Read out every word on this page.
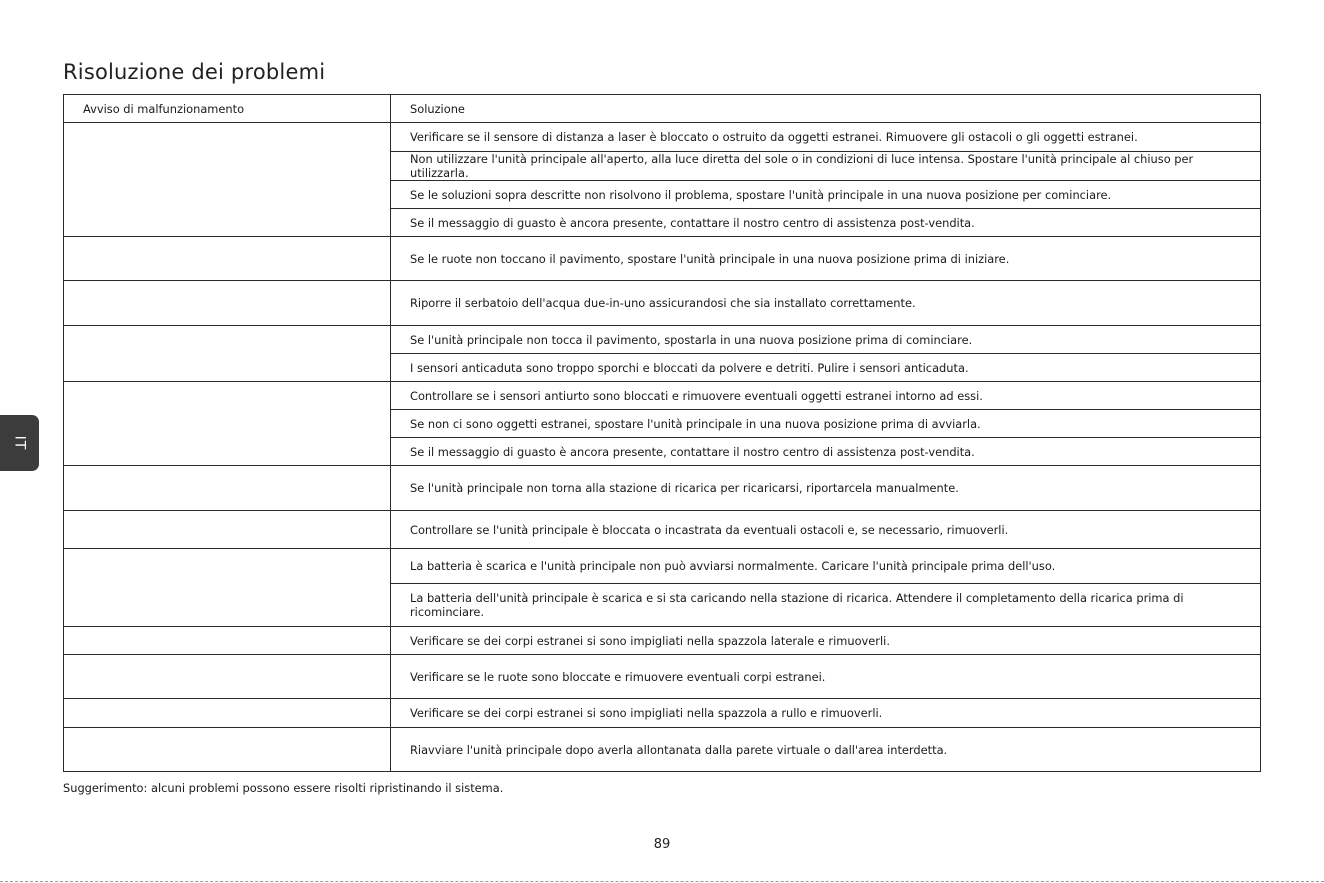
Risoluzione dei problemi
Avviso di malfunzionamento	Soluzione
	Verificare se il sensore di distanza a laser è bloccato o ostruito da oggetti estranei. Rimuovere gli ostacoli o gli oggetti estranei.
	Non utilizzare l'unità principale all'aperto, alla luce diretta del sole o in condizioni di luce intensa. Spostare l'unità principale al chiuso per utilizzarla.
	Se le soluzioni sopra descritte non risolvono il problema, spostare l'unità principale in una nuova posizione per cominciare.
	Se il messaggio di guasto è ancora presente, contattare il nostro centro di assistenza post-vendita.
	Se le ruote non toccano il pavimento, spostare l'unità principale in una nuova posizione prima di iniziare.
	Riporre il serbatoio dell'acqua due-in-uno assicurandosi che sia installato correttamente.
	Se l'unità principale non tocca il pavimento, spostarla in una nuova posizione prima di cominciare.
	I sensori anticaduta sono troppo sporchi e bloccati da polvere e detriti. Pulire i sensori anticaduta.
	Controllare se i sensori antiurto sono bloccati e rimuovere eventuali oggetti estranei intorno ad essi.
	Se non ci sono oggetti estranei, spostare l'unità principale in una nuova posizione prima di avviarla.
	Se il messaggio di guasto è ancora presente, contattare il nostro centro di assistenza post-vendita.
	Se l'unità principale non torna alla stazione di ricarica per ricaricarsi, riportarcela manualmente.
	Controllare se l'unità principale è bloccata o incastrata da eventuali ostacoli e, se necessario, rimuoverli.
	La batteria è scarica e l'unità principale non può avviarsi normalmente. Caricare l'unità principale prima dell'uso.
	La batteria dell'unità principale è scarica e si sta caricando nella stazione di ricarica. Attendere il completamento della ricarica prima di ricominciare.
	Verificare se dei corpi estranei si sono impigliati nella spazzola laterale e rimuoverli.
	Verificare se le ruote sono bloccate e rimuovere eventuali corpi estranei.
	Verificare se dei corpi estranei si sono impigliati nella spazzola a rullo e rimuoverli.
	Riavviare l'unità principale dopo averla allontanata dalla parete virtuale o dall'area interdetta.
Suggerimento: alcuni problemi possono essere risolti ripristinando il sistema.
89
IT
